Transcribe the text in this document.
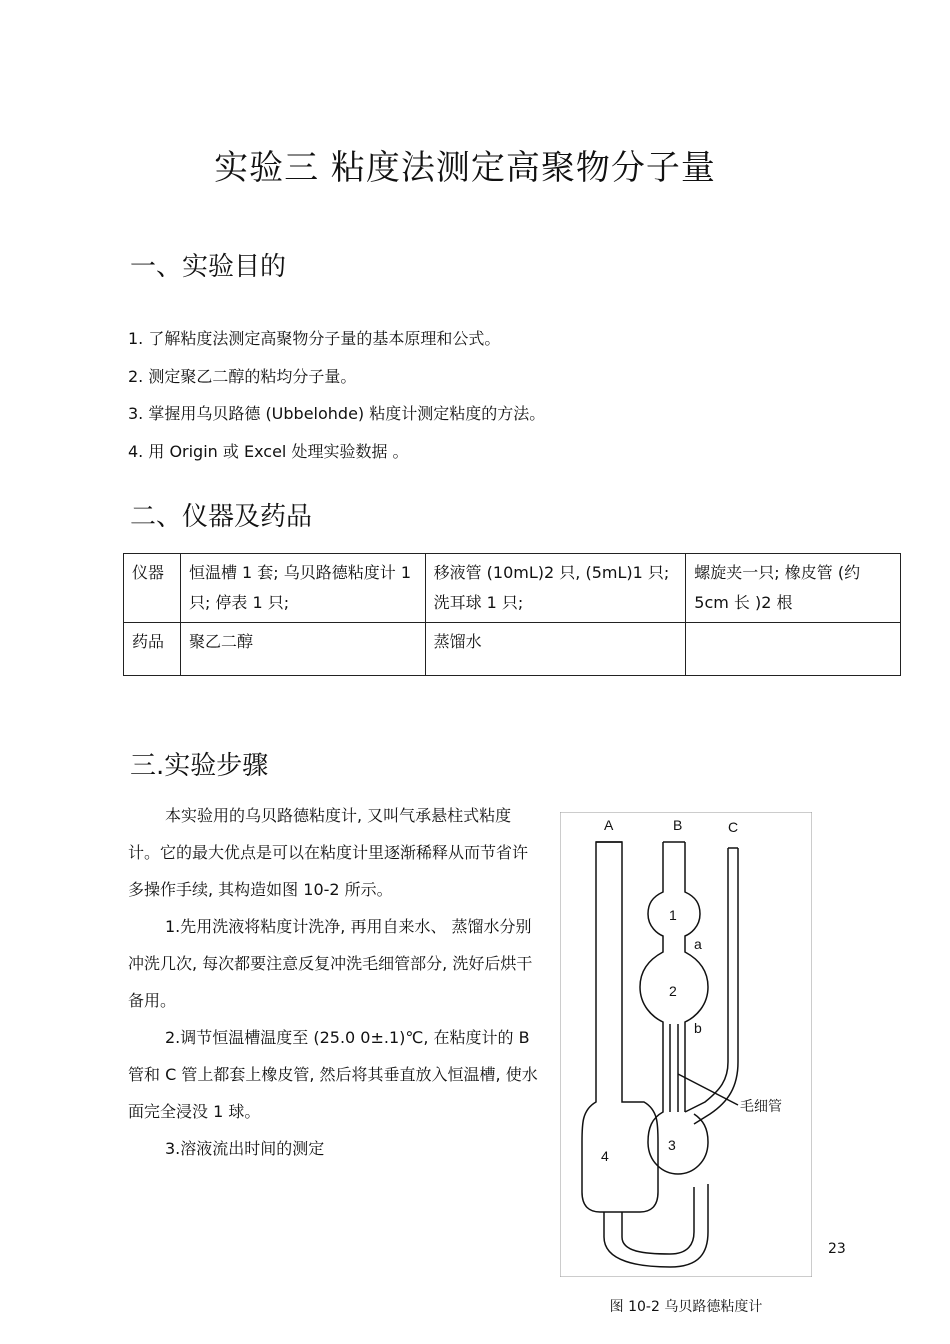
实验三 粘度法测定高聚物分子量
一、实验目的
1. 了解粘度法测定高聚物分子量的基本原理和公式。
2. 测定聚乙二醇的粘均分子量。
3. 掌握用乌贝路德 (Ubbelohde) 粘度计测定粘度的方法。
4. 用 Origin 或 Excel 处理实验数据 。
二、仪器及药品
仪器	恒温槽 1 套; 乌贝路德粘度计 1 只; 停表 1 只;	移液管 (10mL)2 只, (5mL)1 只; 洗耳球 1 只;	螺旋夹一只; 橡皮管 (约 5cm 长 )2 根
药品	聚乙二醇	蒸馏水	
三.实验步骤

本实验用的乌贝路德粘度计, 又叫气承悬柱式粘度计。它的最大优点是可以在粘度计里逐渐稀释从而节省许多操作手续, 其构造如图 10-2 所示。

1.先用洗液将粘度计洗净, 再用自来水、 蒸馏水分别冲洗几次, 每次都要注意反复冲洗毛细管部分, 洗好后烘干备用。

2.调节恒温槽温度至 (25.0 0±.1)℃, 在粘度计的 B 管和 C 管上都套上橡皮管, 然后将其垂直放入恒温槽, 使水面完全浸没 1 球。

3.溶液流出时间的测定

A	B	C
1
a
2
b
毛细管
3
4
23
图 10-2 乌贝路德粘度计
